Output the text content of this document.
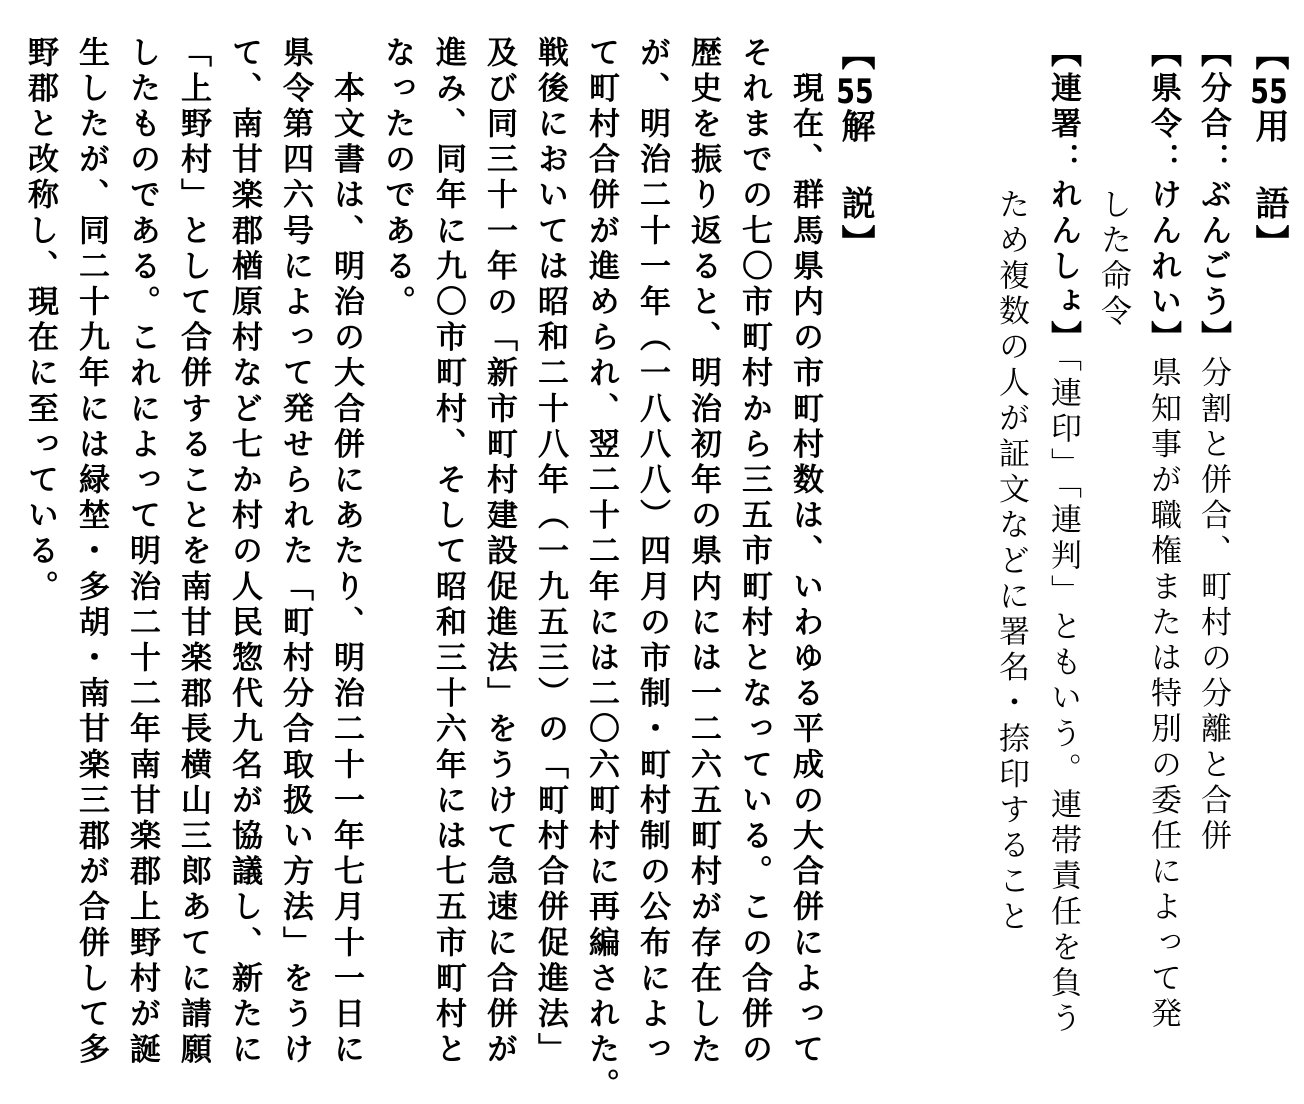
【55用　語】
【分合：ぶんごう】分割と併合、町村の分離と合併
【県令：けんれい】県知事が職権または特別の委任によって発
した命令
【連署：れんしょ】「連印」「連判」ともいう。連帯責任を負う
ため複数の人が証文などに署名・捺印すること
【55解　説】
　現在、群馬県内の市町村数は、いわゆる平成の大合併によって
それまでの七〇市町村から三五市町村となっている。この合併の
歴史を振り返ると、明治初年の県内には一二六五町村が存在した
が、明治二十一年（一八八八）四月の市制・町村制の公布によっ
て町村合併が進められ、翌二十二年には二〇六町村に再編された。
戦後においては昭和二十八年（一九五三）の「町村合併促進法」
及び同三十一年の「新市町村建設促進法」をうけて急速に合併が
進み、同年に九〇市町村、そして昭和三十六年には七五市町村と
なったのである。
　本文書は、明治の大合併にあたり、明治二十一年七月十一日に
県令第四六号によって発せられた「町村分合取扱い方法」をうけ
て、南甘楽郡楢原村など七か村の人民惣代九名が協議し、新たに
「上野村」として合併することを南甘楽郡長横山三郎あてに請願
したものである。これによって明治二十二年南甘楽郡上野村が誕
生したが、同二十九年には緑埜・多胡・南甘楽三郡が合併して多
野郡と改称し、現在に至っている。
